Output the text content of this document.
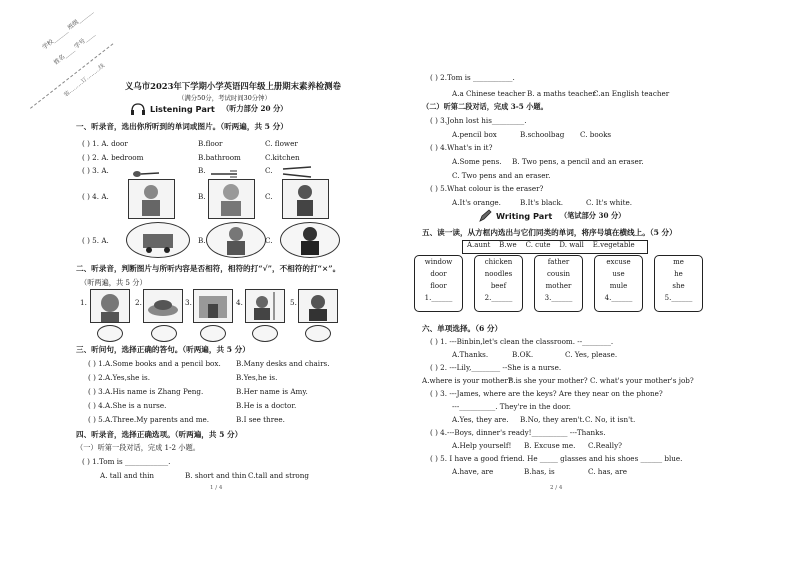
学校______ 班级______
姓名____ 学号____
装………订………线 义乌市2023年下学期小学英语四年级上册期末素养检测卷
（满分50分，考试时间30分钟）
Listening Part （听力部分 20 分）
一、听录音，选出你所听到的单词或图片。（听两遍，共 5 分）
( ) 1. A. door	B.floor	C. flower
( ) 2. A. bedroom	B.bathroom	C.kitchen
( ) 3. A.	B.	C.
( ) 4. A.	B.	C.
( ) 5. A.	B.	C.
二、听录音，判断图片与所听内容是否相符，相符的打“√”，不相符的打“×”。
（听两遍，共 5 分）
1.	2.	3.	4.	5.
三、听问句，选择正确的答句。（听两遍，共 5 分）
( ) 1.A.Some books and a pencil box. B.Many desks and chairs.
( ) 2.A.Yes,she is.	B.Yes,he is.
( ) 3.A.His name is Zhang Peng.	B.Her name is Amy.
( ) 4.A.She is a nurse.	B.He is a doctor.
( ) 5.A.Three.My parents and me.	B.I see three.
四、听录音，选择正确选项。（听两遍，共 5 分）
（一）听第一段对话，完成 1-2 小题。
( ) 1.Tom is ____________.
A. tall and thin	B. short and thin C.tall and strong
1 / 4
( ) 2.Tom is ___________.
A.a Chinese teacher B. a maths teacher
C.an English teacher
（二）听第二段对话，完成 3-5 小题。
( ) 3.John lost his_________.
A.pencil box	B.schoolbag C. books
( ) 4.What's in it?
A.Some pens. B. Two pens, a pencil and an eraser.
C. Two pens and an eraser.
( ) 5.What colour is the eraser?
A.It's orange.	B.It's black.	C. It's white.
Writing Part （笔试部分 30 分）
五、读一读，从方框内选出与它们同类的单词，将序号填在横线上。（5 分）
A.aunt    B.we    C. cute    D. wall    E.vegetable
window
door
floor
1.______
chicken
noodles
beef
2.______
father
cousin
mother
3.______
excuse
use
mule
4.______
me
he
she
5.______
六、单项选择。（6 分）
( ) 1. ---Binbin,let's clean the classroom. --________.
A.Thanks.	B.OK.	C. Yes, please.
( ) 2. ---Lily,________ --She is a nurse.
A.where is your mother?
B.is she your mother? C. what's your mother's job?
( ) 3. ---James, where are the keys? Are they near on the phone?
---__________. They're in the door.
A.Yes, they are. B.No, they aren't. C. No, it isn't.
( ) 4.---Boys, dinner's ready!__________ ---Thanks.
A.Help yourself! B. Excuse me. C.Really?
( ) 5. I have a good friend. He _____ glasses and his shoes ______ blue.
A.have, are	B.has, is	C. has, are
2 / 4
